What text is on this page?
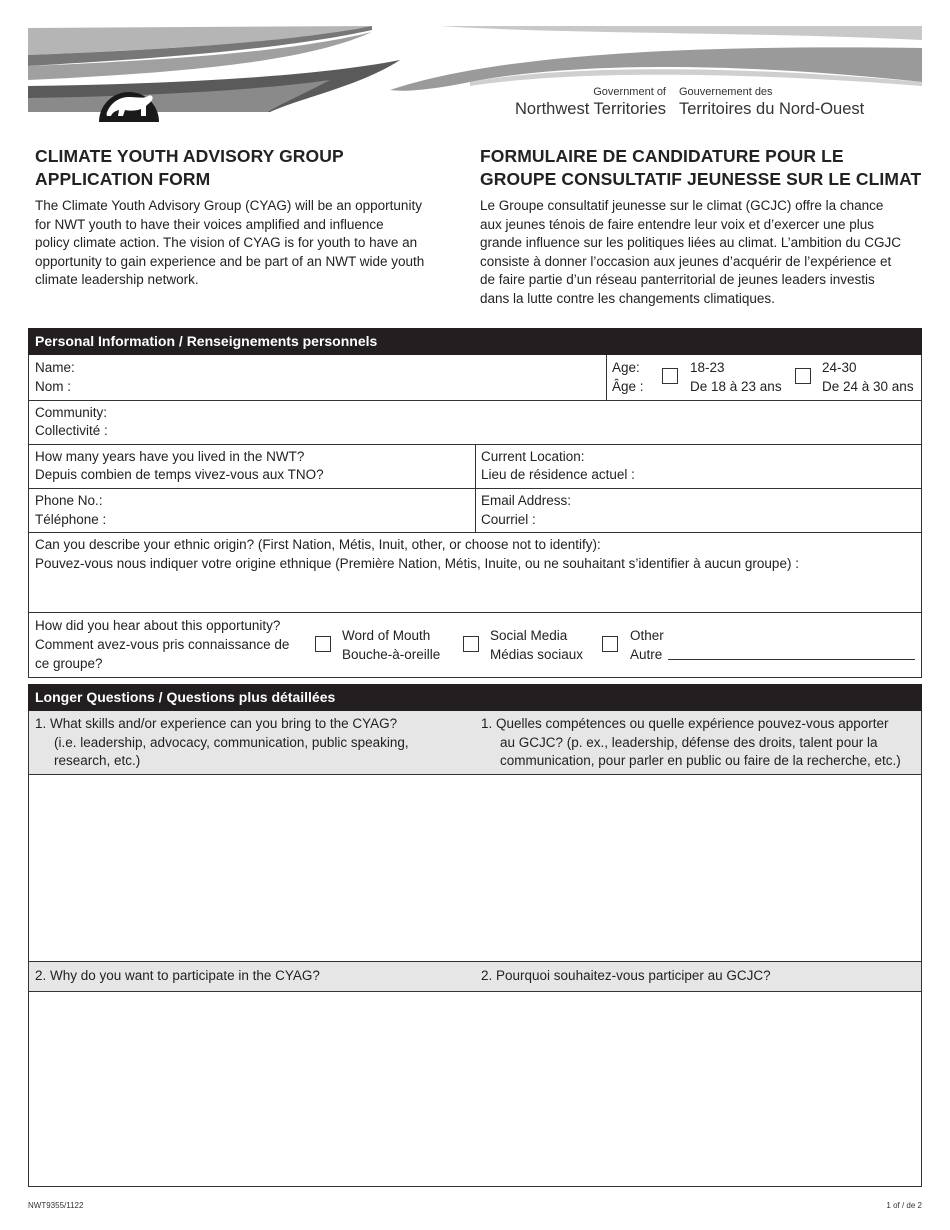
Government of
Northwest Territories
Gouvernement des
Territoires du Nord-Ouest
CLIMATE YOUTH ADVISORY GROUP
APPLICATION FORM
FORMULAIRE DE CANDIDATURE POUR LE
GROUPE CONSULTATIF JEUNESSE SUR LE CLIMAT

The Climate Youth Advisory Group (CYAG) will be an opportunity
for NWT youth to have their voices amplified and influence
policy climate action. The vision of CYAG is for youth to have an
opportunity to gain experience and be part of an NWT wide youth
climate leadership network.

Le Groupe consultatif jeunesse sur le climat (GCJC) offre la chance
aux jeunes ténois de faire entendre leur voix et d’exercer une plus
grande influence sur les politiques liées au climat. L’ambition du CGJC
consiste à donner l’occasion aux jeunes d’acquérir de l’expérience et
de faire partie d’un réseau panterritorial de jeunes leaders investis
dans la lutte contre les changements climatiques.

Personal Information / Renseignements personnels
Name:
Nom :
Age:
Âge :
18-23
De 18 à 23 ans
24-30
De 24 à 30 ans
Community:
Collectivité :
How many years have you lived in the NWT?
Depuis combien de temps vivez-vous aux TNO?
Current Location:
Lieu de résidence actuel :
Phone No.:
Téléphone :
Email Address:
Courriel :
Can you describe your ethnic origin? (First Nation, Métis, Inuit, other, or choose not to identify):
Pouvez-vous nous indiquer votre origine ethnique (Première Nation, Métis, Inuite, ou ne souhaitant s’identifier à aucun groupe) :
How did you hear about this opportunity?
Comment avez-vous pris connaissance de
ce groupe?
Word of Mouth
Bouche-à-oreille
Social Media
Médias sociaux
Other
Autre
Longer Questions / Questions plus détaillées
1. What skills and/or experience can you bring to the CYAG?
(i.e. leadership, advocacy, communication, public speaking,
research, etc.)
1. Quelles compétences ou quelle expérience pouvez-vous apporter
au GCJC? (p. ex., leadership, défense des droits, talent pour la
communication, pour parler en public ou faire de la recherche, etc.)
2. Why do you want to participate in the CYAG?	2. Pourquoi souhaitez-vous participer au GCJC?
NWT9355/1122	1 of / de 2
